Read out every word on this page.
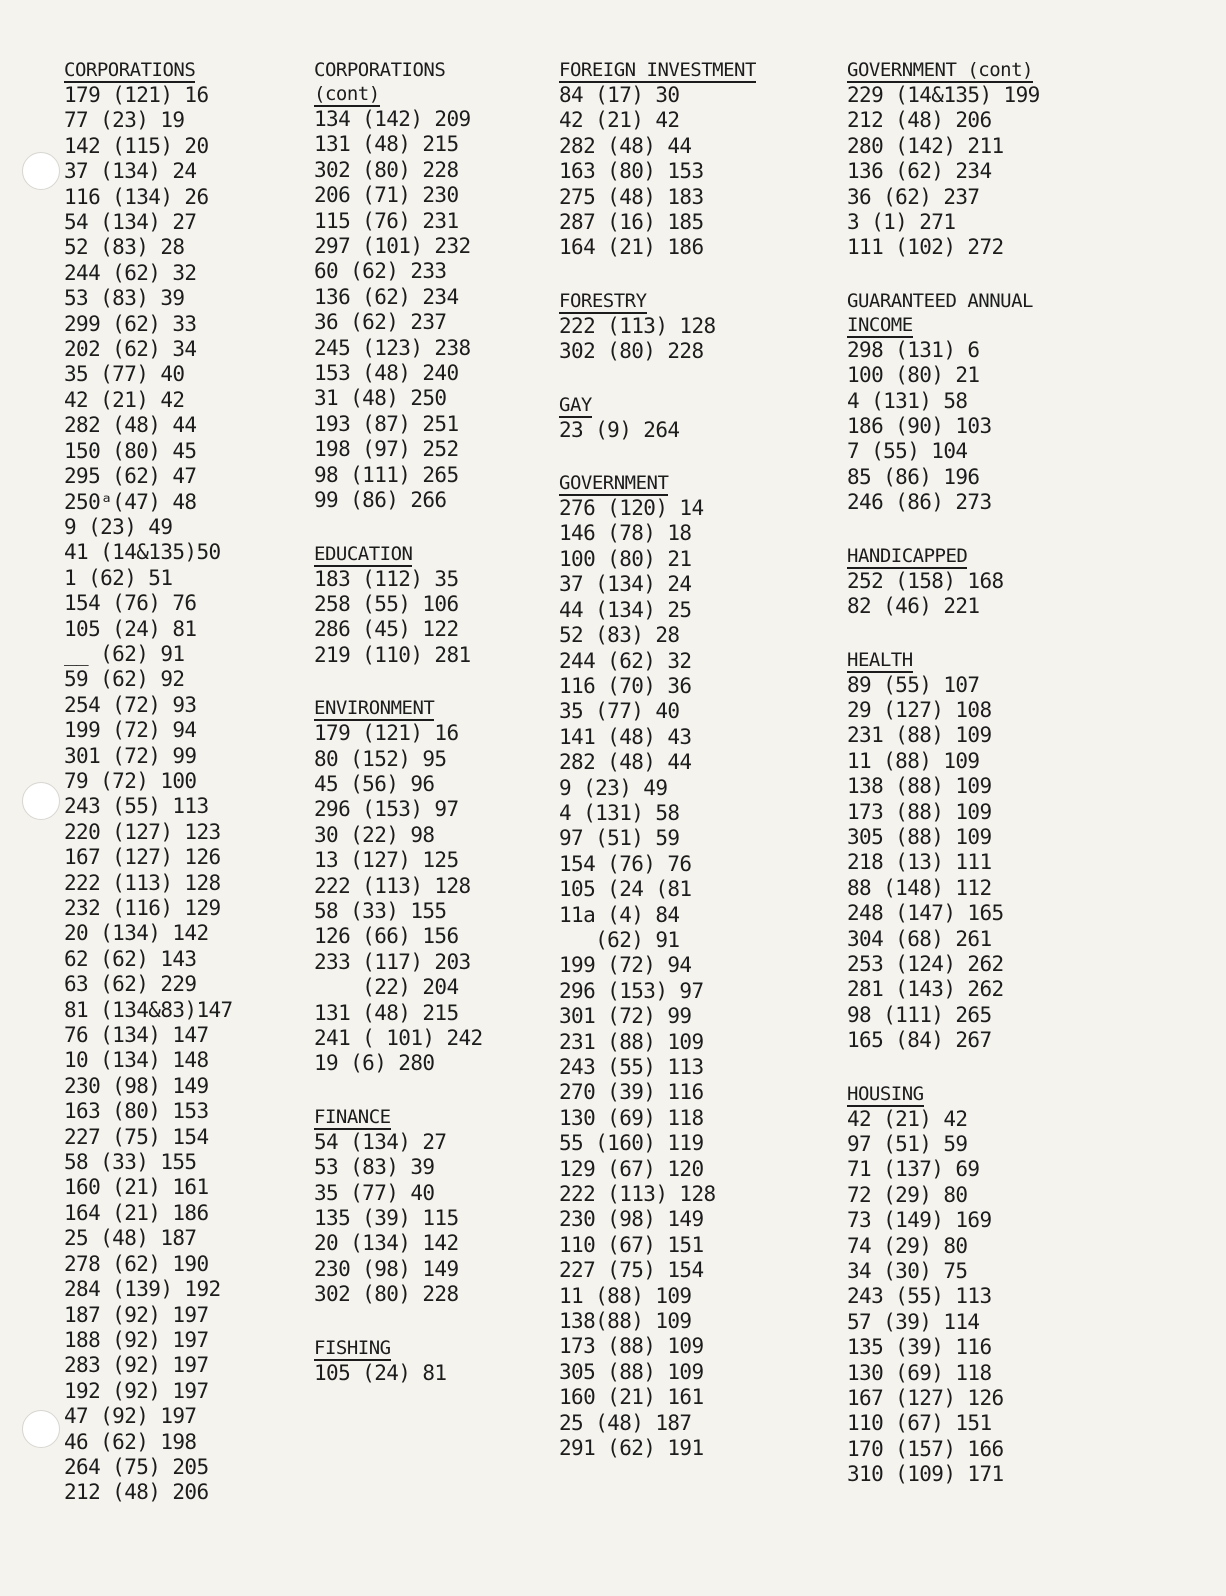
CORPORATIONS
179 (121) 16
77 (23) 19
142 (115) 20
37 (134) 24
116 (134) 26
54 (134) 27
52 (83) 28
244 (62) 32
53 (83) 39
299 (62) 33
202 (62) 34
35 (77) 40
42 (21) 42
282 (48) 44
150 (80) 45
295 (62) 47
250ᵃ(47) 48
9 (23) 49
41 (14&135)50
1 (62) 51
154 (76) 76
105 (24) 81
__ (62) 91
59 (62) 92
254 (72) 93
199 (72) 94
301 (72) 99
79 (72) 100
243 (55) 113
220 (127) 123
167 (127) 126
222 (113) 128
232 (116) 129
20 (134) 142
62 (62) 143
63 (62) 229
81 (134&83)147
76 (134) 147
10 (134) 148
230 (98) 149
163 (80) 153
227 (75) 154
58 (33) 155
160 (21) 161
164 (21) 186
25 (48) 187
278 (62) 190
284 (139) 192
187 (92) 197
188 (92) 197
283 (92) 197
192 (92) 197
47 (92) 197
46 (62) 198
264 (75) 205
212 (48) 206
CORPORATIONS
(cont)
134 (142) 209
131 (48) 215
302 (80) 228
206 (71) 230
115 (76) 231
297 (101) 232
60 (62) 233
136 (62) 234
36 (62) 237
245 (123) 238
153 (48) 240
31 (48) 250
193 (87) 251
198 (97) 252
98 (111) 265
99 (86) 266
EDUCATION
183 (112) 35
258 (55) 106
286 (45) 122
219 (110) 281
ENVIRONMENT
179 (121) 16
80 (152) 95
45 (56) 96
296 (153) 97
30 (22) 98
13 (127) 125
222 (113) 128
58 (33) 155
126 (66) 156
233 (117) 203
(22) 204
131 (48) 215
241 ( 101) 242
19 (6) 280
FINANCE
54 (134) 27
53 (83) 39
35 (77) 40
135 (39) 115
20 (134) 142
230 (98) 149
302 (80) 228
FISHING
105 (24) 81
FOREIGN INVESTMENT
84 (17) 30
42 (21) 42
282 (48) 44
163 (80) 153
275 (48) 183
287 (16) 185
164 (21) 186
FORESTRY
222 (113) 128
302 (80) 228
GAY
23 (9) 264
GOVERNMENT
276 (120) 14
146 (78) 18
100 (80) 21
37 (134) 24
44 (134) 25
52 (83) 28
244 (62) 32
116 (70) 36
35 (77) 40
141 (48) 43
282 (48) 44
9 (23) 49
4 (131) 58
97 (51) 59
154 (76) 76
105 (24 (81
11a (4) 84
(62) 91
199 (72) 94
296 (153) 97
301 (72) 99
231 (88) 109
243 (55) 113
270 (39) 116
130 (69) 118
55 (160) 119
129 (67) 120
222 (113) 128
230 (98) 149
110 (67) 151
227 (75) 154
11 (88) 109
138(88) 109
173 (88) 109
305 (88) 109
160 (21) 161
25 (48) 187
291 (62) 191
GOVERNMENT (cont)
229 (14&135) 199
212 (48) 206
280 (142) 211
136 (62) 234
36 (62) 237
3 (1) 271
111 (102) 272
GUARANTEED ANNUAL
INCOME
298 (131) 6
100 (80) 21
4 (131) 58
186 (90) 103
7 (55) 104
85 (86) 196
246 (86) 273
HANDICAPPED
252 (158) 168
82 (46) 221
HEALTH
89 (55) 107
29 (127) 108
231 (88) 109
11 (88) 109
138 (88) 109
173 (88) 109
305 (88) 109
218 (13) 111
88 (148) 112
248 (147) 165
304 (68) 261
253 (124) 262
281 (143) 262
98 (111) 265
165 (84) 267
HOUSING
42 (21) 42
97 (51) 59
71 (137) 69
72 (29) 80
73 (149) 169
74 (29) 80
34 (30) 75
243 (55) 113
57 (39) 114
135 (39) 116
130 (69) 118
167 (127) 126
110 (67) 151
170 (157) 166
310 (109) 171
